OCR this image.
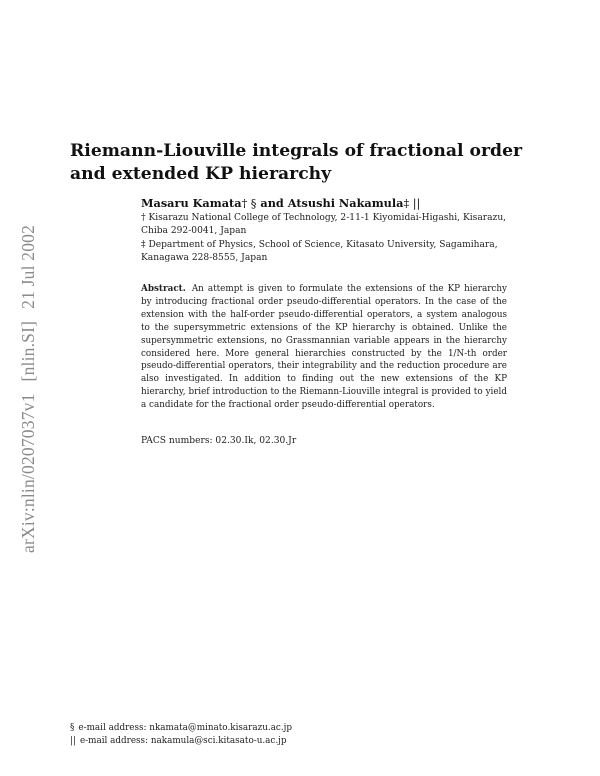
arXiv:nlin/0207037v1[nlin.SI]21 Jul 2002
Riemann-Liouville integrals of fractional order and extended KP hierarchy
Masaru Kamata† § and Atsushi Nakamula‡ ||
† Kisarazu National College of Technology, 2-11-1 Kiyomidai-Higashi, Kisarazu, Chiba 292-0041, Japan
‡ Department of Physics, School of Science, Kitasato University, Sagamihara, Kanagawa 228-8555, Japan
Abstract. An attempt is given to formulate the extensions of the KP hierarchy by introducing fractional order pseudo-differential operators. In the case of the extension with the half-order pseudo-differential operators, a system analogous to the supersymmetric extensions of the KP hierarchy is obtained. Unlike the supersymmetric extensions, no Grassmannian variable appears in the hierarchy considered here. More general hierarchies constructed by the 1/N-th order pseudo-differential operators, their integrability and the reduction procedure are also investigated. In addition to finding out the new extensions of the KP hierarchy, brief introduction to the Riemann-Liouville integral is provided to yield a candidate for the fractional order pseudo-differential operators.
PACS numbers: 02.30.Ik, 02.30.Jr
§ e-mail address: nkamata@minato.kisarazu.ac.jp
|| e-mail address: nakamula@sci.kitasato-u.ac.jp
